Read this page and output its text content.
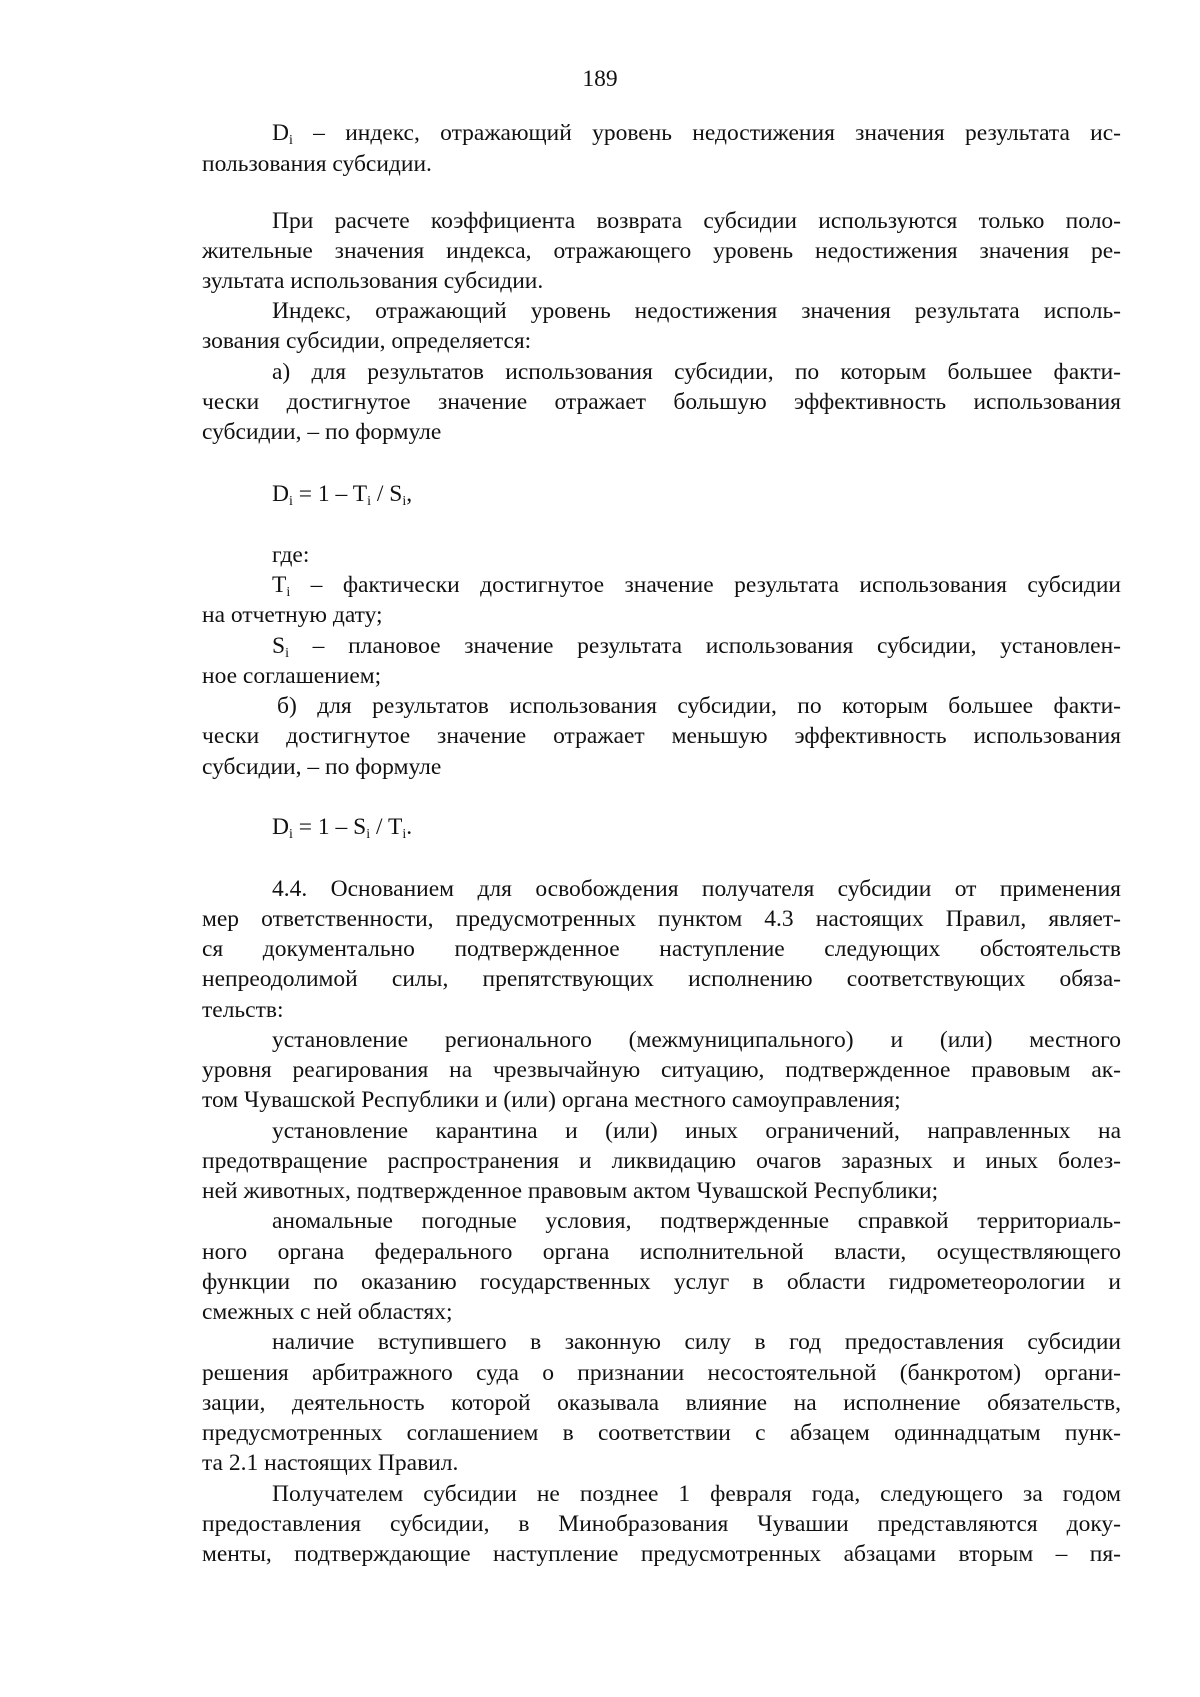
189
$D_i$ – индекс, отражающий уровень недостижения значения результата ис-
пользования субсидии.
При расчете коэффициента возврата субсидии используются только поло-
жительные значения индекса, отражающего уровень недостижения значения ре-
зультата использования субсидии.
Индекс, отражающий уровень недостижения значения результата исполь-
зования субсидии, определяется:
а) для результатов использования субсидии, по которым большее факти-
чески достигнутое значение отражает большую эффективность использования
субсидии, – по формуле
$D_i = 1 - T_i / S_i$,
где:
$T_i$ – фактически достигнутое значение результата использования субсидии
на отчетную дату;
$S_i$ – плановое значение результата использования субсидии, установлен-
ное соглашением;
б) для результатов использования субсидии, по которым большее факти-
чески достигнутое значение отражает меньшую эффективность использования
субсидии, – по формуле
$D_i = 1 - S_i / T_i$.
4.4. Основанием для освобождения получателя субсидии от применения
мер ответственности, предусмотренных пунктом 4.3 настоящих Правил, являет-
ся документально подтвержденное наступление следующих обстоятельств
непреодолимой силы, препятствующих исполнению соответствующих обяза-
тельств:
установление регионального (межмуниципального) и (или) местного
уровня реагирования на чрезвычайную ситуацию, подтвержденное правовым ак-
том Чувашской Республики и (или) органа местного самоуправления;
установление карантина и (или) иных ограничений, направленных на
предотвращение распространения и ликвидацию очагов заразных и иных болез-
ней животных, подтвержденное правовым актом Чувашской Республики;
аномальные погодные условия, подтвержденные справкой территориаль-
ного органа федерального органа исполнительной власти, осуществляющего
функции по оказанию государственных услуг в области гидрометеорологии и
смежных с ней областях;
наличие вступившего в законную силу в год предоставления субсидии
решения арбитражного суда о признании несостоятельной (банкротом) органи-
зации, деятельность которой оказывала влияние на исполнение обязательств,
предусмотренных соглашением в соответствии с абзацем одиннадцатым пунк-
та 2.1 настоящих Правил.
Получателем субсидии не позднее 1 февраля года, следующего за годом
предоставления субсидии, в Минобразования Чувашии представляются доку-
менты, подтверждающие наступление предусмотренных абзацами вторым – пя-
